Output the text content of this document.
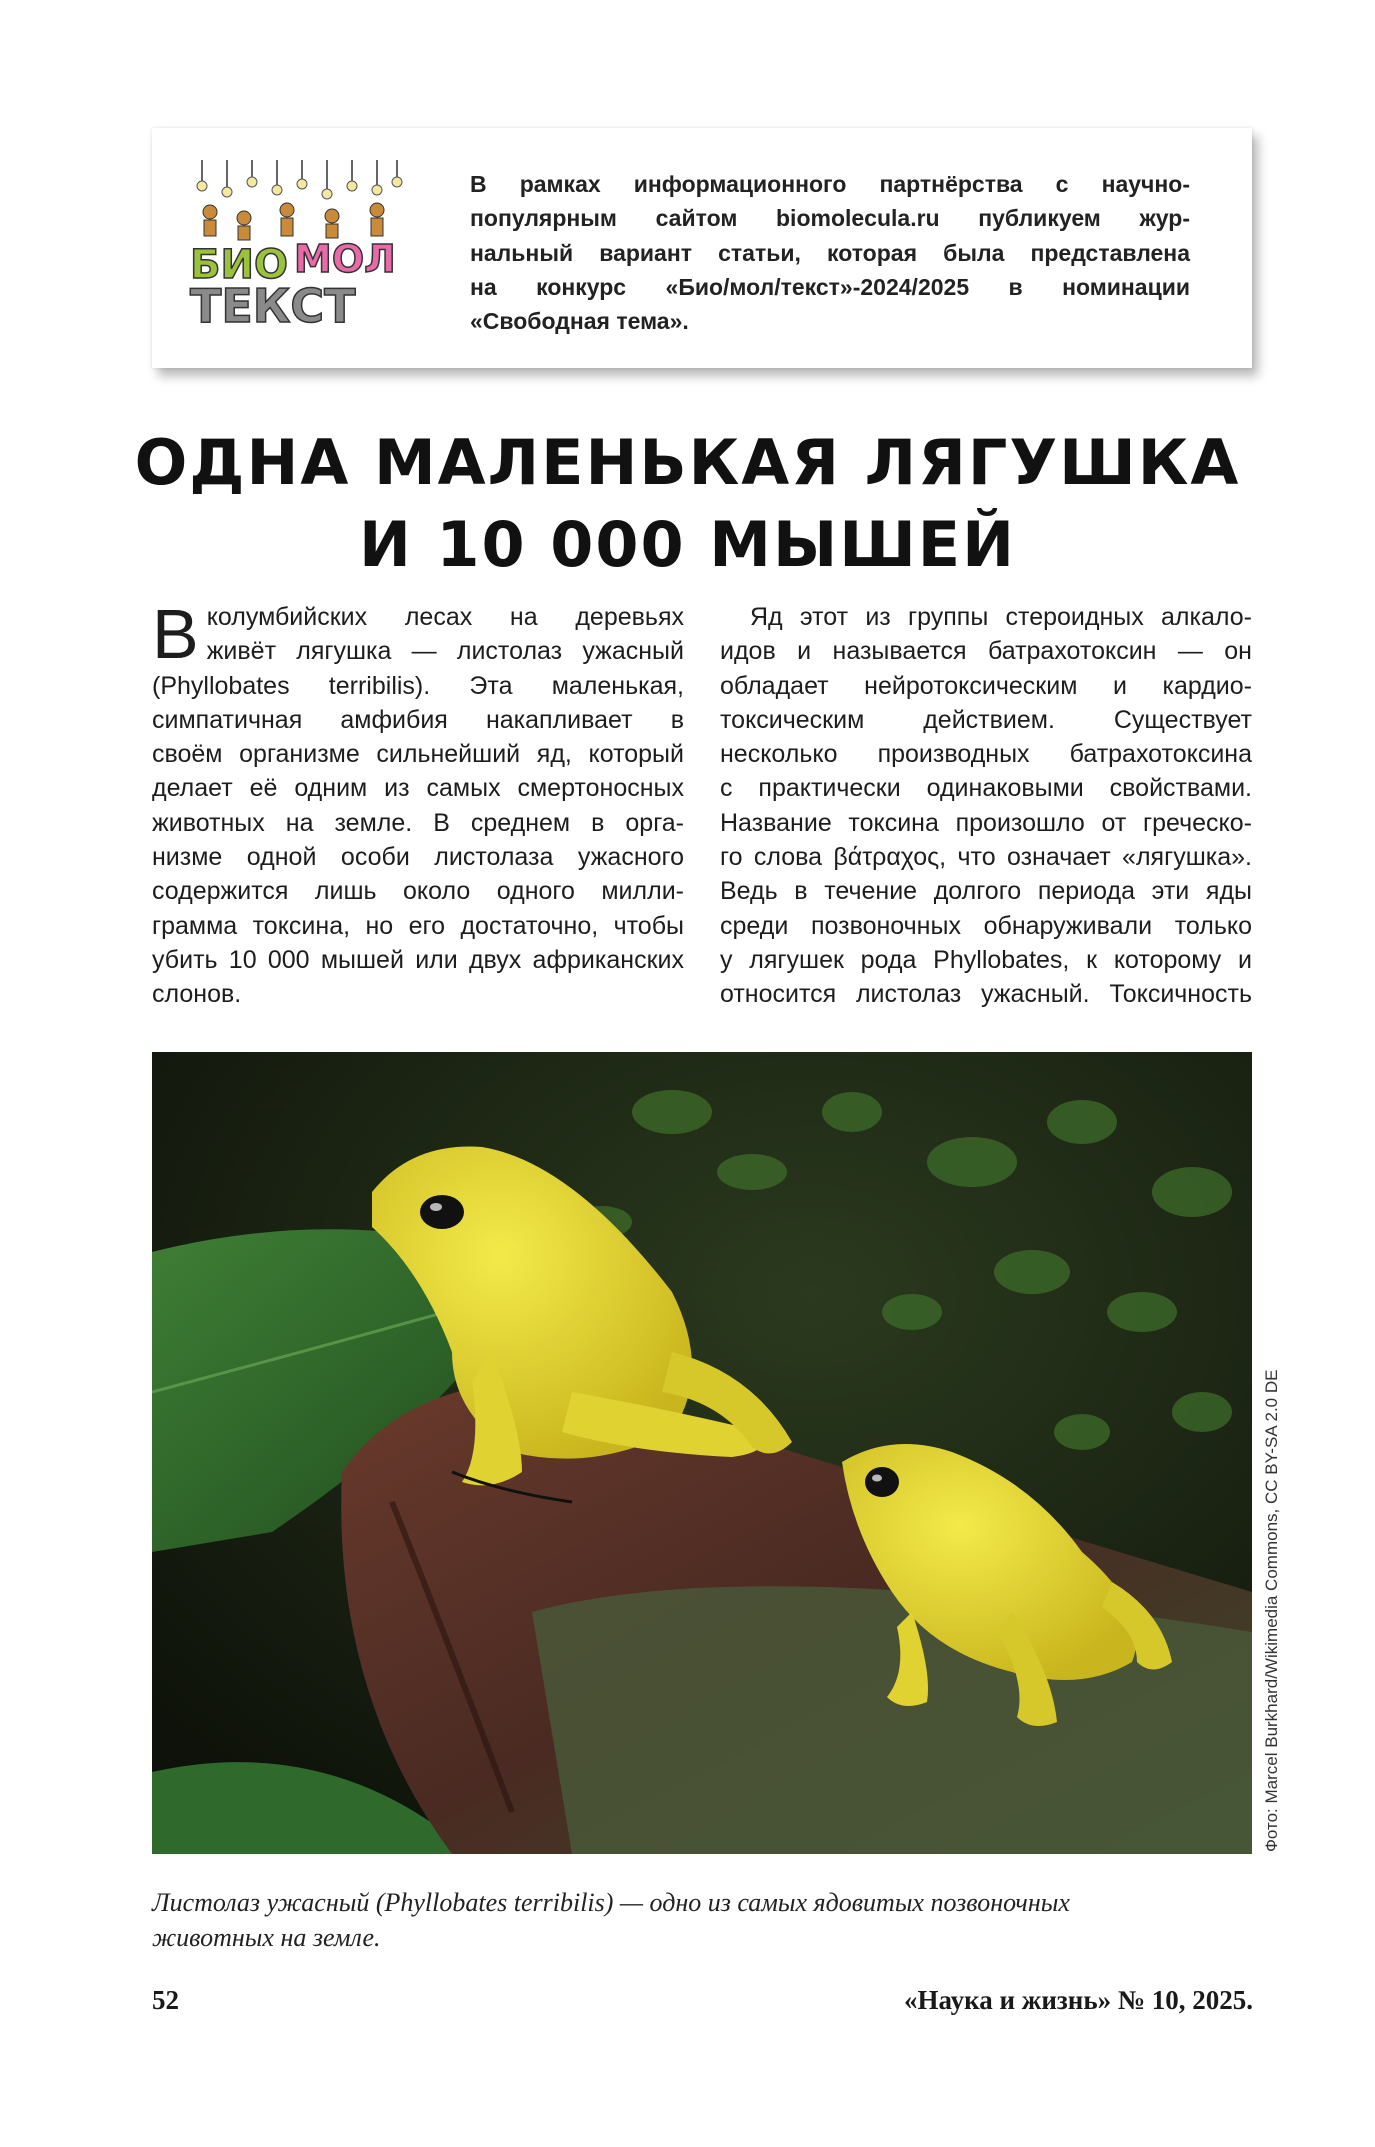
БИО МОЛ
ТЕКСТ
В рамках информационного партнёрства с научно-
популярным сайтом biomolecula.ru публикуем жур-
нальный вариант статьи, которая была представлена
на конкурс «Био/мол/текст»-2024/2025 в номинации
«Свободная тема».
ОДНА МАЛЕНЬКАЯ ЛЯГУШКА
И 10 000 МЫШЕЙ
В колумбийских лесах на деревьях
живёт лягушка — листолаз ужасный
(Phyllobates terribilis). Эта маленькая,
симпатичная амфибия накапливает в
своём организме сильнейший яд, который
делает её одним из самых смертоносных
животных на земле. В среднем в орга-
низме одной особи листолаза ужасного
содержится лишь около одного милли-
грамма токсина, но его достаточно, чтобы
убить 10 000 мышей или двух африканских
слонов.
Яд этот из группы стероидных алкало-
идов и называется батрахотоксин — он
обладает нейротоксическим и кардио-
токсическим действием. Существует
несколько производных батрахотоксина
с практически одинаковыми свойствами.
Название токсина произошло от греческо-
го слова βάτραχος, что означает «лягушка».
Ведь в течение долгого периода эти яды
среди позвоночных обнаруживали только
у лягушек рода Phyllobates, к которому и
относится листолаз ужасный. Токсичность
Фото: Marcel Burkhard/Wikimedia Commons, CC BY-SA 2.0 DE
Листолаз ужасный (Phyllobates terribilis) — одно из самых ядовитых позвоночных
животных на земле.
52	«Наука и жизнь» № 10, 2025.
